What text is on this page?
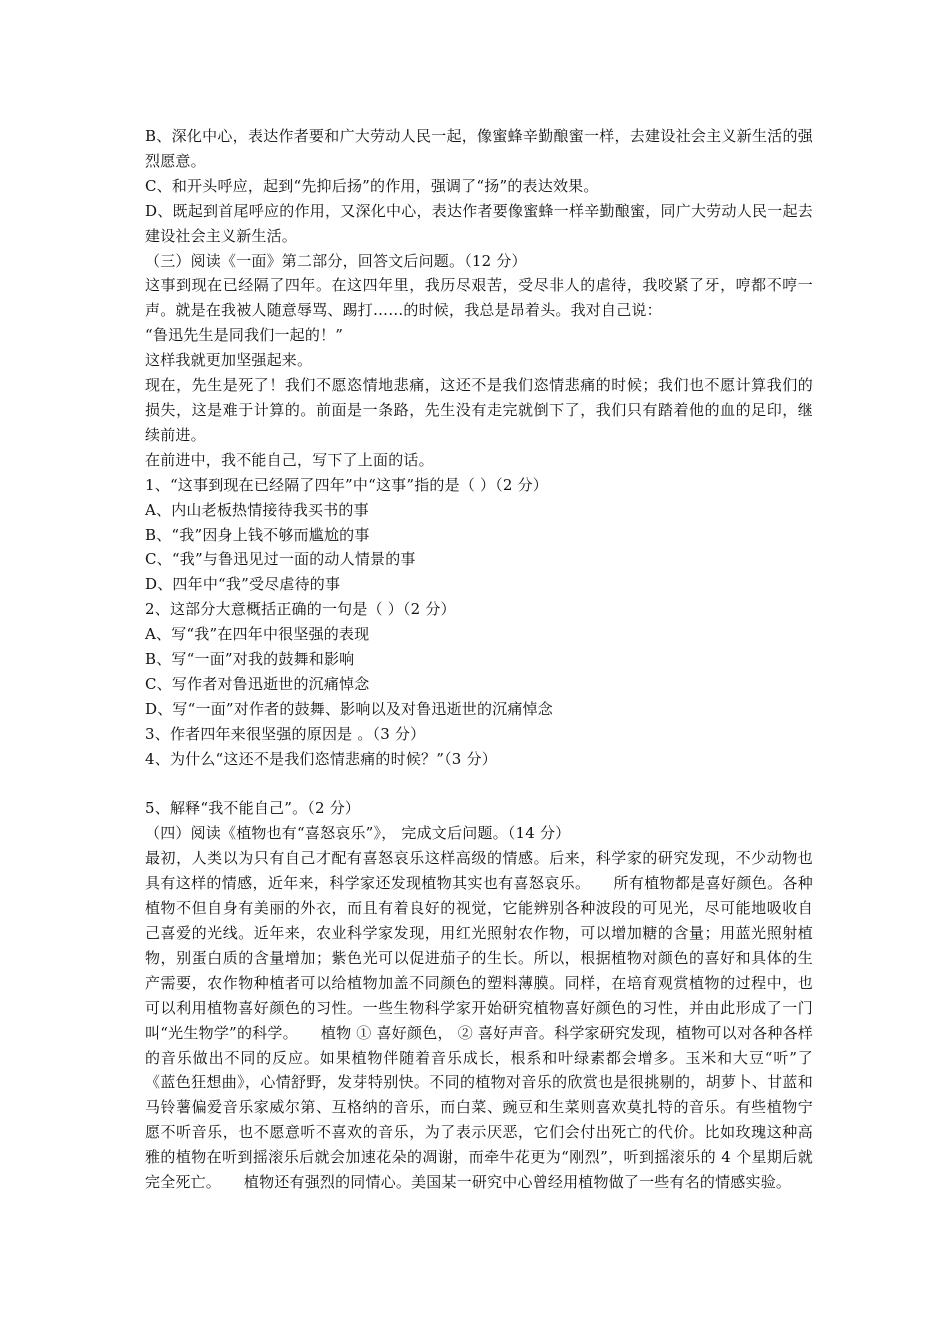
B、深化中心，表达作者要和广大劳动人民一起，像蜜蜂辛勤酿蜜一样，去建设社会主义新生活的强烈愿意。
C、和开头呼应，起到“先抑后扬”的作用，强调了“扬”的表达效果。
D、既起到首尾呼应的作用，又深化中心，表达作者要像蜜蜂一样辛勤酿蜜，同广大劳动人民一起去建设社会主义新生活。
（三）阅读《一面》第二部分，回答文后问题。（12 分）
这事到现在已经隔了四年。在这四年里，我历尽艰苦，受尽非人的虐待，我咬紧了牙，哼都不哼一声。就是在我被人随意辱骂、踢打……的时候，我总是昂着头。我对自己说：
“鲁迅先生是同我们一起的！”
这样我就更加坚强起来。
现在，先生是死了！我们不愿恣情地悲痛，这还不是我们恣情悲痛的时候；我们也不愿计算我们的损失，这是难于计算的。前面是一条路，先生没有走完就倒下了，我们只有踏着他的血的足印，继续前进。
在前进中，我不能自己，写下了上面的话。
1、“这事到现在已经隔了四年”中“这事”指的是（ ）（2 分）
A、内山老板热情接待我买书的事
B、“我”因身上钱不够而尴尬的事
C、“我”与鲁迅见过一面的动人情景的事
D、四年中“我”受尽虐待的事
2、这部分大意概括正确的一句是（ ）（2 分）
A、写“我”在四年中很坚强的表现
B、写“一面”对我的鼓舞和影响
C、写作者对鲁迅逝世的沉痛悼念
D、写“一面”对作者的鼓舞、影响以及对鲁迅逝世的沉痛悼念
3、作者四年来很坚强的原因是 。（3 分）
4、为什么“这还不是我们恣情悲痛的时候？”（3 分）
5、解释“我不能自己”。（2 分）
（四）阅读《植物也有“喜怒哀乐”》， 完成文后问题。（14 分）
最初，人类以为只有自己才配有喜怒哀乐这样高级的情感。后来，科学家的研究发现，不少动物也具有这样的情感，近年来，科学家还发现植物其实也有喜怒哀乐。　　所有植物都是喜好颜色。各种植物不但自身有美丽的外衣，而且有着良好的视觉，它能辨别各种波段的可见光，尽可能地吸收自己喜爱的光线。近年来，农业科学家发现，用红光照射农作物，可以增加糖的含量；用蓝光照射植物，别蛋白质的含量增加；紫色光可以促进茄子的生长。所以，根据植物对颜色的喜好和具体的生产需要，农作物种植者可以给植物加盖不同颜色的塑料薄膜。同样，在培育观赏植物的过程中，也可以利用植物喜好颜色的习性。一些生物科学家开始研究植物喜好颜色的习性，并由此形成了一门叫“光生物学”的科学。　　植物 ① 喜好颜色， ② 喜好声音。科学家研究发现，植物可以对各种各样的音乐做出不同的反应。如果植物伴随着音乐成长，根系和叶绿素都会增多。玉米和大豆“听”了《蓝色狂想曲》，心情舒野，发芽特别快。不同的植物对音乐的欣赏也是很挑剔的，胡萝卜、甘蓝和马铃薯偏爱音乐家威尔第、互格纳的音乐，而白菜、豌豆和生菜则喜欢莫扎特的音乐。有些植物宁愿不听音乐，也不愿意听不喜欢的音乐，为了表示厌恶，它们会付出死亡的代价。比如玫瑰这种高雅的植物在听到摇滚乐后就会加速花朵的凋谢，而牵牛花更为“刚烈”，听到摇滚乐的 4 个星期后就完全死亡。　　植物还有强烈的同情心。美国某一研究中心曾经用植物做了一些有名的情感实验。
